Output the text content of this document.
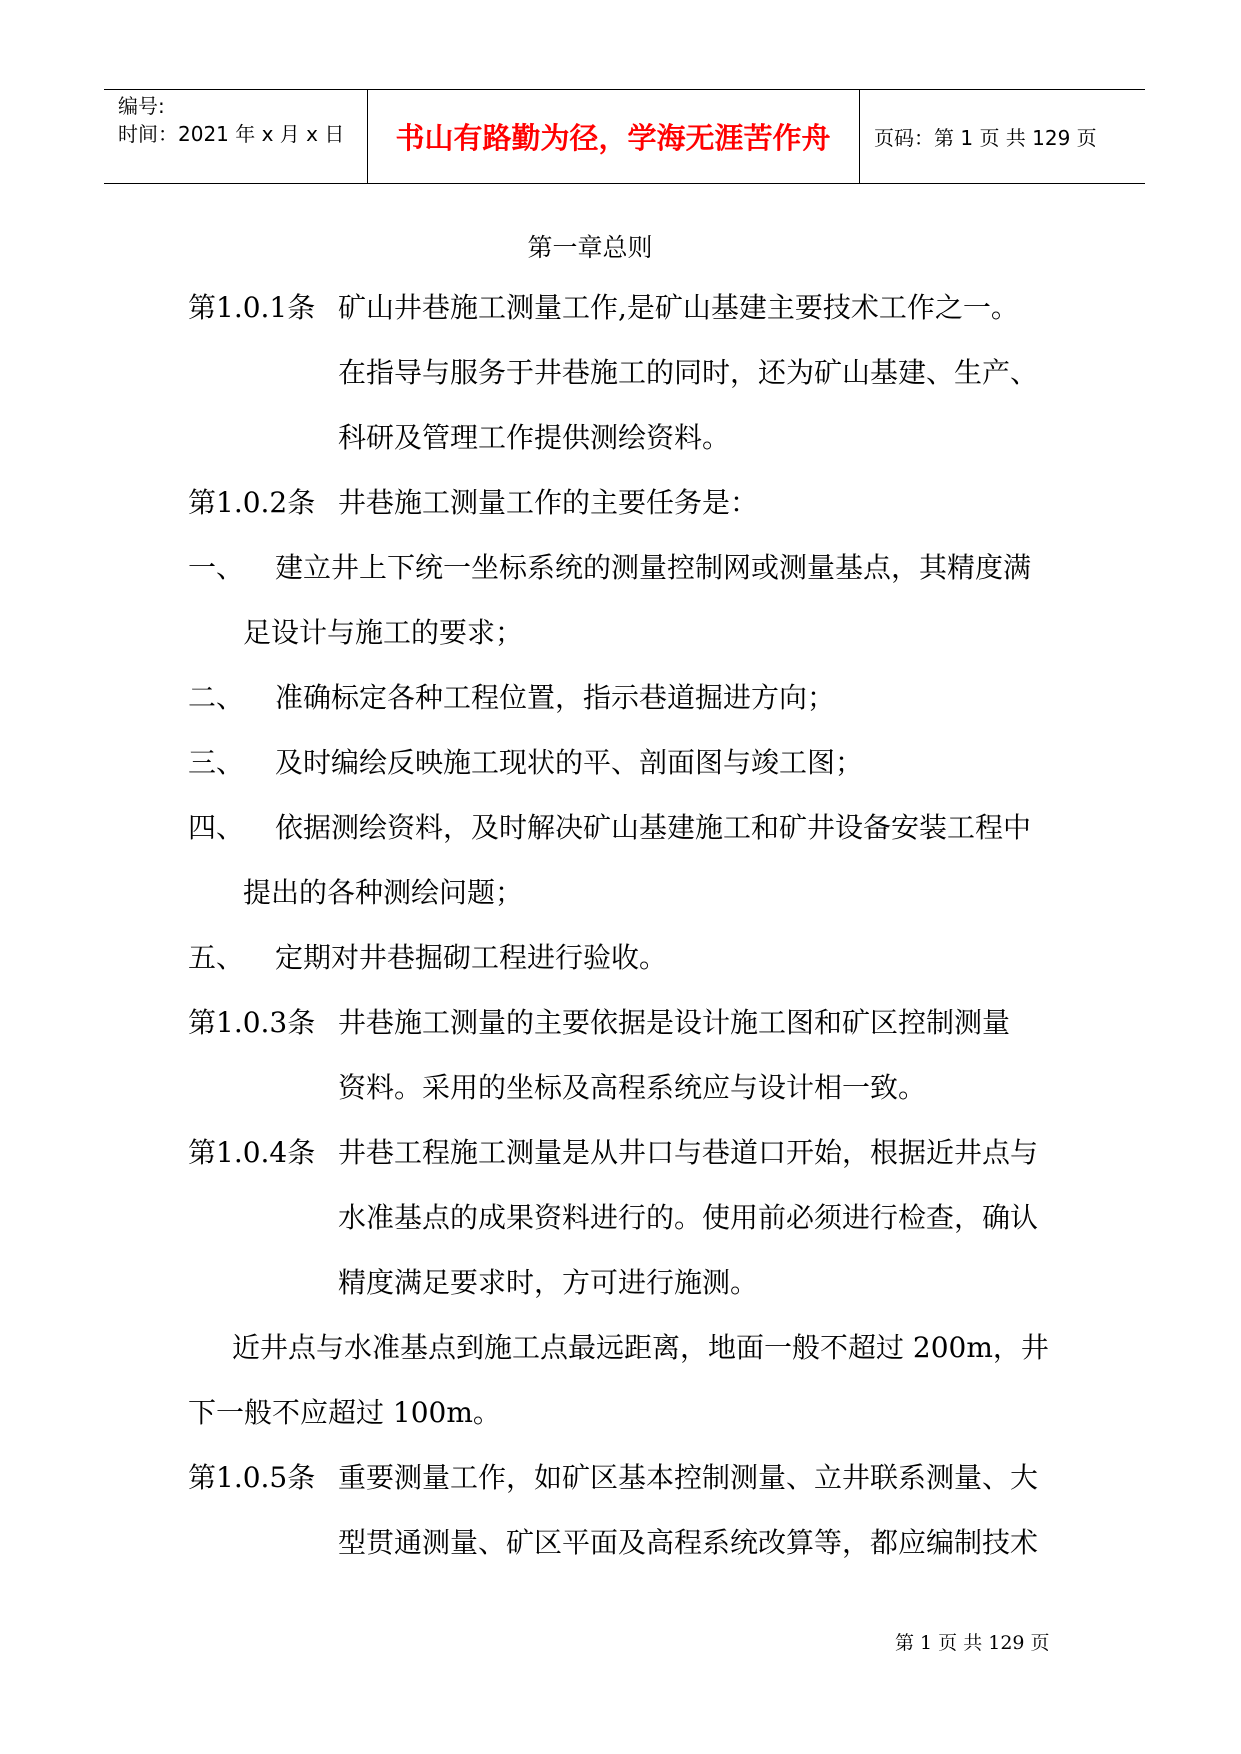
编号:
时间：2021 年 x 月 x 日	书山有路勤为径，学海无涯苦作舟	页码：第 1 页 共 129 页
第一章总则
第1.0.1条 矿山井巷施工测量工作,是矿山基建主要技术工作之一。
在指导与服务于井巷施工的同时，还为矿山基建、生产、
科研及管理工作提供测绘资料。
第1.0.2条 井巷施工测量工作的主要任务是：
一、 建立井上下统一坐标系统的测量控制网或测量基点，其精度满
足设计与施工的要求；
二、 准确标定各种工程位置，指示巷道掘进方向；
三、 及时编绘反映施工现状的平、剖面图与竣工图；
四、 依据测绘资料，及时解决矿山基建施工和矿井设备安装工程中
提出的各种测绘问题；
五、 定期对井巷掘砌工程进行验收。
第1.0.3条 井巷施工测量的主要依据是设计施工图和矿区控制测量
资料。采用的坐标及高程系统应与设计相一致。
第1.0.4条 井巷工程施工测量是从井口与巷道口开始，根据近井点与
水准基点的成果资料进行的。使用前必须进行检查，确认
精度满足要求时，方可进行施测。
近井点与水准基点到施工点最远距离，地面一般不超过 200m，井
下一般不应超过 100m。
第1.0.5条 重要测量工作，如矿区基本控制测量、立井联系测量、大
型贯通测量、矿区平面及高程系统改算等，都应编制技术
第 1 页 共 129 页
